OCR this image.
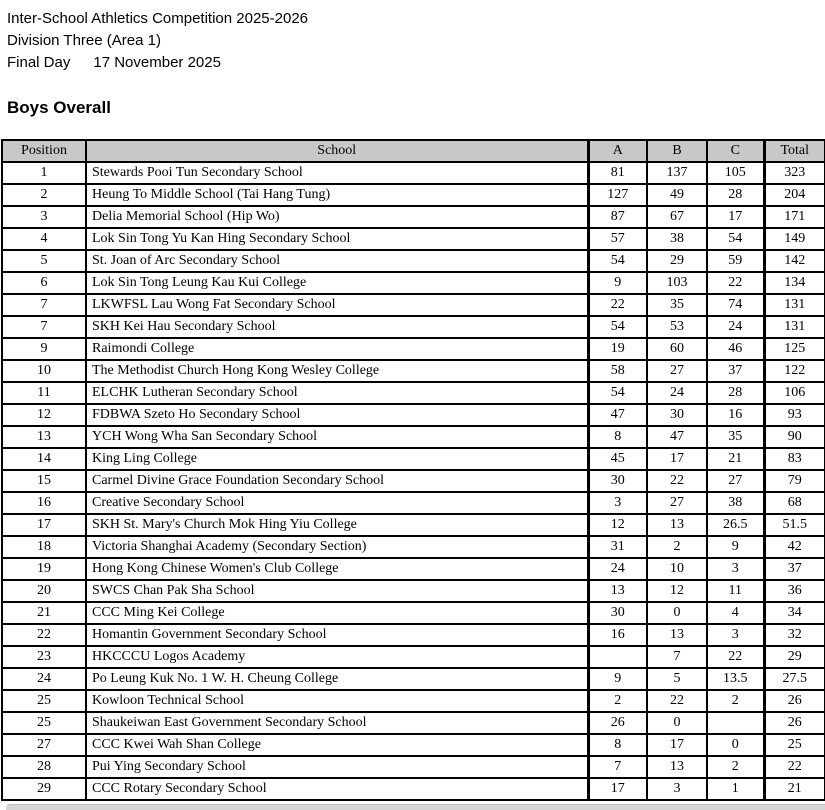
Inter-School Athletics Competition 2025-2026
Division Three (Area 1)
Final Day 17 November 2025
Boys Overall
Position	School	A	B	C	Total
1	Stewards Pooi Tun Secondary School	81	137	105	323
2	Heung To Middle School (Tai Hang Tung)	127	49	28	204
3	Delia Memorial School (Hip Wo)	87	67	17	171
4	Lok Sin Tong Yu Kan Hing Secondary School	57	38	54	149
5	St. Joan of Arc Secondary School	54	29	59	142
6	Lok Sin Tong Leung Kau Kui College	9	103	22	134
7	LKWFSL Lau Wong Fat Secondary School	22	35	74	131
7	SKH Kei Hau Secondary School	54	53	24	131
9	Raimondi College	19	60	46	125
10	The Methodist Church Hong Kong Wesley College	58	27	37	122
11	ELCHK Lutheran Secondary School	54	24	28	106
12	FDBWA Szeto Ho Secondary School	47	30	16	93
13	YCH Wong Wha San Secondary School	8	47	35	90
14	King Ling College	45	17	21	83
15	Carmel Divine Grace Foundation Secondary School	30	22	27	79
16	Creative Secondary School	3	27	38	68
17	SKH St. Mary's Church Mok Hing Yiu College	12	13	26.5	51.5
18	Victoria Shanghai Academy (Secondary Section)	31	2	9	42
19	Hong Kong Chinese Women's Club College	24	10	3	37
20	SWCS Chan Pak Sha School	13	12	11	36
21	CCC Ming Kei College	30	0	4	34
22	Homantin Government Secondary School	16	13	3	32
23	HKCCCU Logos Academy		7	22	29
24	Po Leung Kuk No. 1 W. H. Cheung College	9	5	13.5	27.5
25	Kowloon Technical School	2	22	2	26
25	Shaukeiwan East Government Secondary School	26	0		26
27	CCC Kwei Wah Shan College	8	17	0	25
28	Pui Ying Secondary School	7	13	2	22
29	CCC Rotary Secondary School	17	3	1	21
